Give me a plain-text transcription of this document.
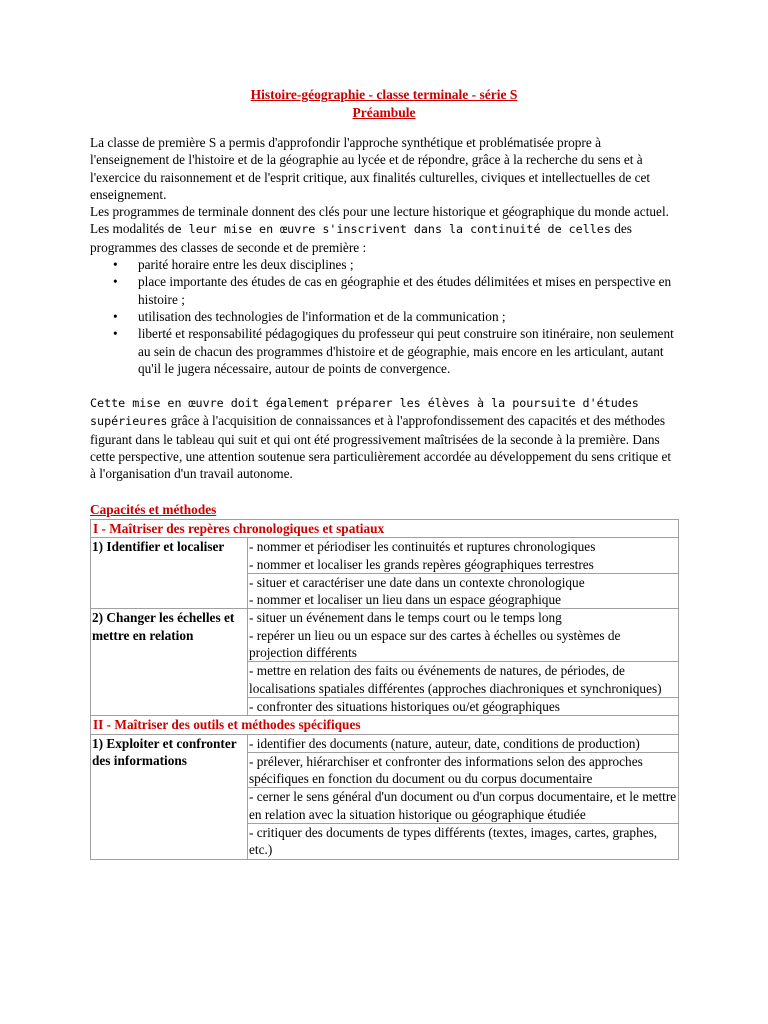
Histoire-géographie - classe terminale - série S
Préambule

La classe de première S a permis d'approfondir l'approche synthétique et problématisée propre à l'enseignement de l'histoire et de la géographie au lycée et de répondre, grâce à la recherche du sens et à l'exercice du raisonnement et de l'esprit critique, aux finalités culturelles, civiques et intellectuelles de cet enseignement.

Les programmes de terminale donnent des clés pour une lecture historique et géographique du monde actuel. Les modalités de leur mise en œuvre s'inscrivent dans la continuité de celles des programmes des classes de seconde et de première :

• parité horaire entre les deux disciplines ;
• place importante des études de cas en géographie et des études délimitées et mises en perspective en histoire ;
• utilisation des technologies de l'information et de la communication ;
• liberté et responsabilité pédagogiques du professeur qui peut construire son itinéraire, non seulement au sein de chacun des programmes d'histoire et de géographie, mais encore en les articulant, autant qu'il le jugera nécessaire, autour de points de convergence.

Cette mise en œuvre doit également préparer les élèves à la poursuite d'études supérieures grâce à l'acquisition de connaissances et à l'approfondissement des capacités et des méthodes figurant dans le tableau qui suit et qui ont été progressivement maîtrisées de la seconde à la première. Dans cette perspective, une attention soutenue sera particulièrement accordée au développement du sens critique et à l'organisation d'un travail autonome.

Capacités et méthodes
I - Maîtriser des repères chronologiques et spatiaux	
1) Identifier et localiser	- nommer et périodiser les continuités et ruptures chronologiques
- nommer et localiser les grands repères géographiques terrestres

	- situer et caractériser une date dans un contexte chronologique
- nommer et localiser un lieu dans un espace géographique

2) Changer les échelles et mettre en relation	- situer un événement dans le temps court ou le temps long
- repérer un lieu ou un espace sur des cartes à échelles ou systèmes de projection différents

	- mettre en relation des faits ou événements de natures, de périodes, de localisations spatiales différentes (approches diachroniques et synchroniques)
	- confronter des situations historiques ou/et géographiques
II - Maîtriser des outils et méthodes spécifiques	
1) Exploiter et confronter des informations	- identifier des documents (nature, auteur, date, conditions de production)
	- prélever, hiérarchiser et confronter des informations selon des approches spécifiques en fonction du document ou du corpus documentaire
	- cerner le sens général d'un document ou d'un corpus documentaire, et le mettre en relation avec la situation historique ou géographique étudiée
	- critiquer des documents de types différents (textes, images, cartes, graphes, etc.)
